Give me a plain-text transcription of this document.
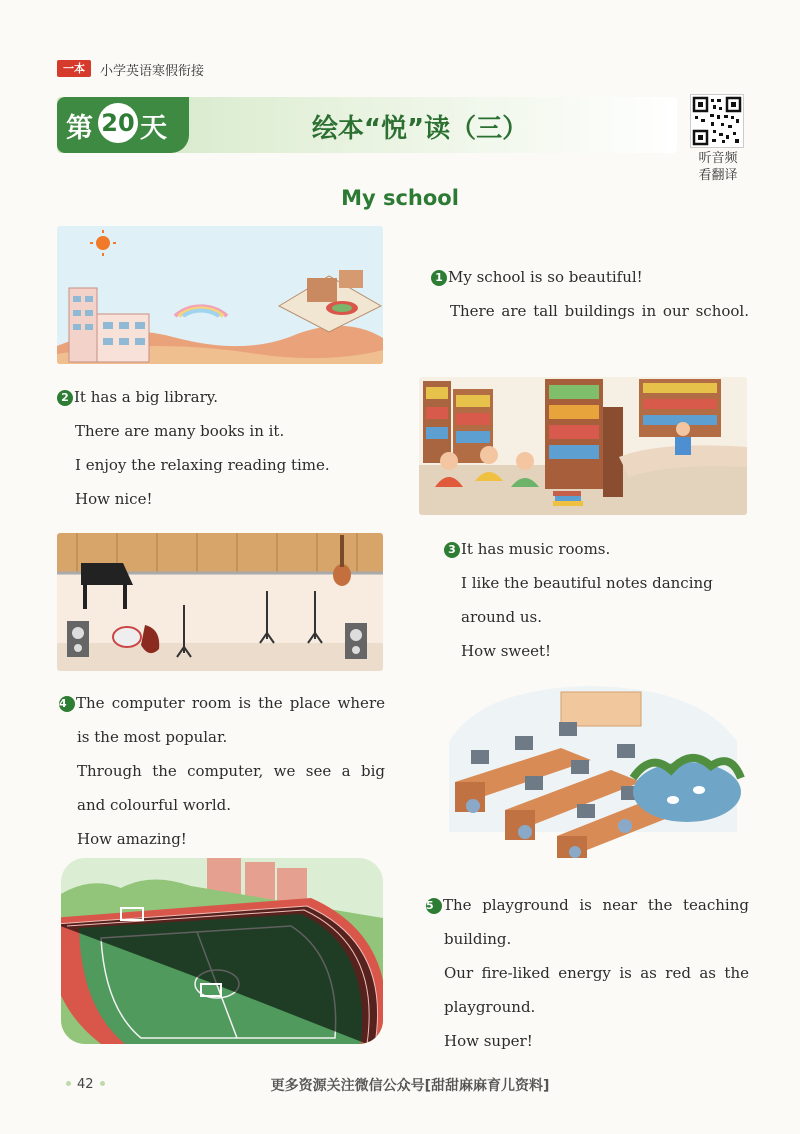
一本	小学英语寒假衔接
第 20 天	绘本“悦”读（三）
听音频
看翻译
My school
1 My school is so beautiful!
There are tall buildings in our school.
2 It has a big library.
There are many books in it.
I enjoy the relaxing reading time.
How nice!
3 It has music rooms.
I like the beautiful notes dancing
around us.
How sweet!
4 The computer room is the place where
is the most popular.
Through the computer, we see a big
and colourful world.
How amazing!
5 The playground is near the teaching
building.
Our fire-liked energy is as red as the
playground.
How super!
42	更多资源关注微信公众号[甜甜麻麻育儿资料]
